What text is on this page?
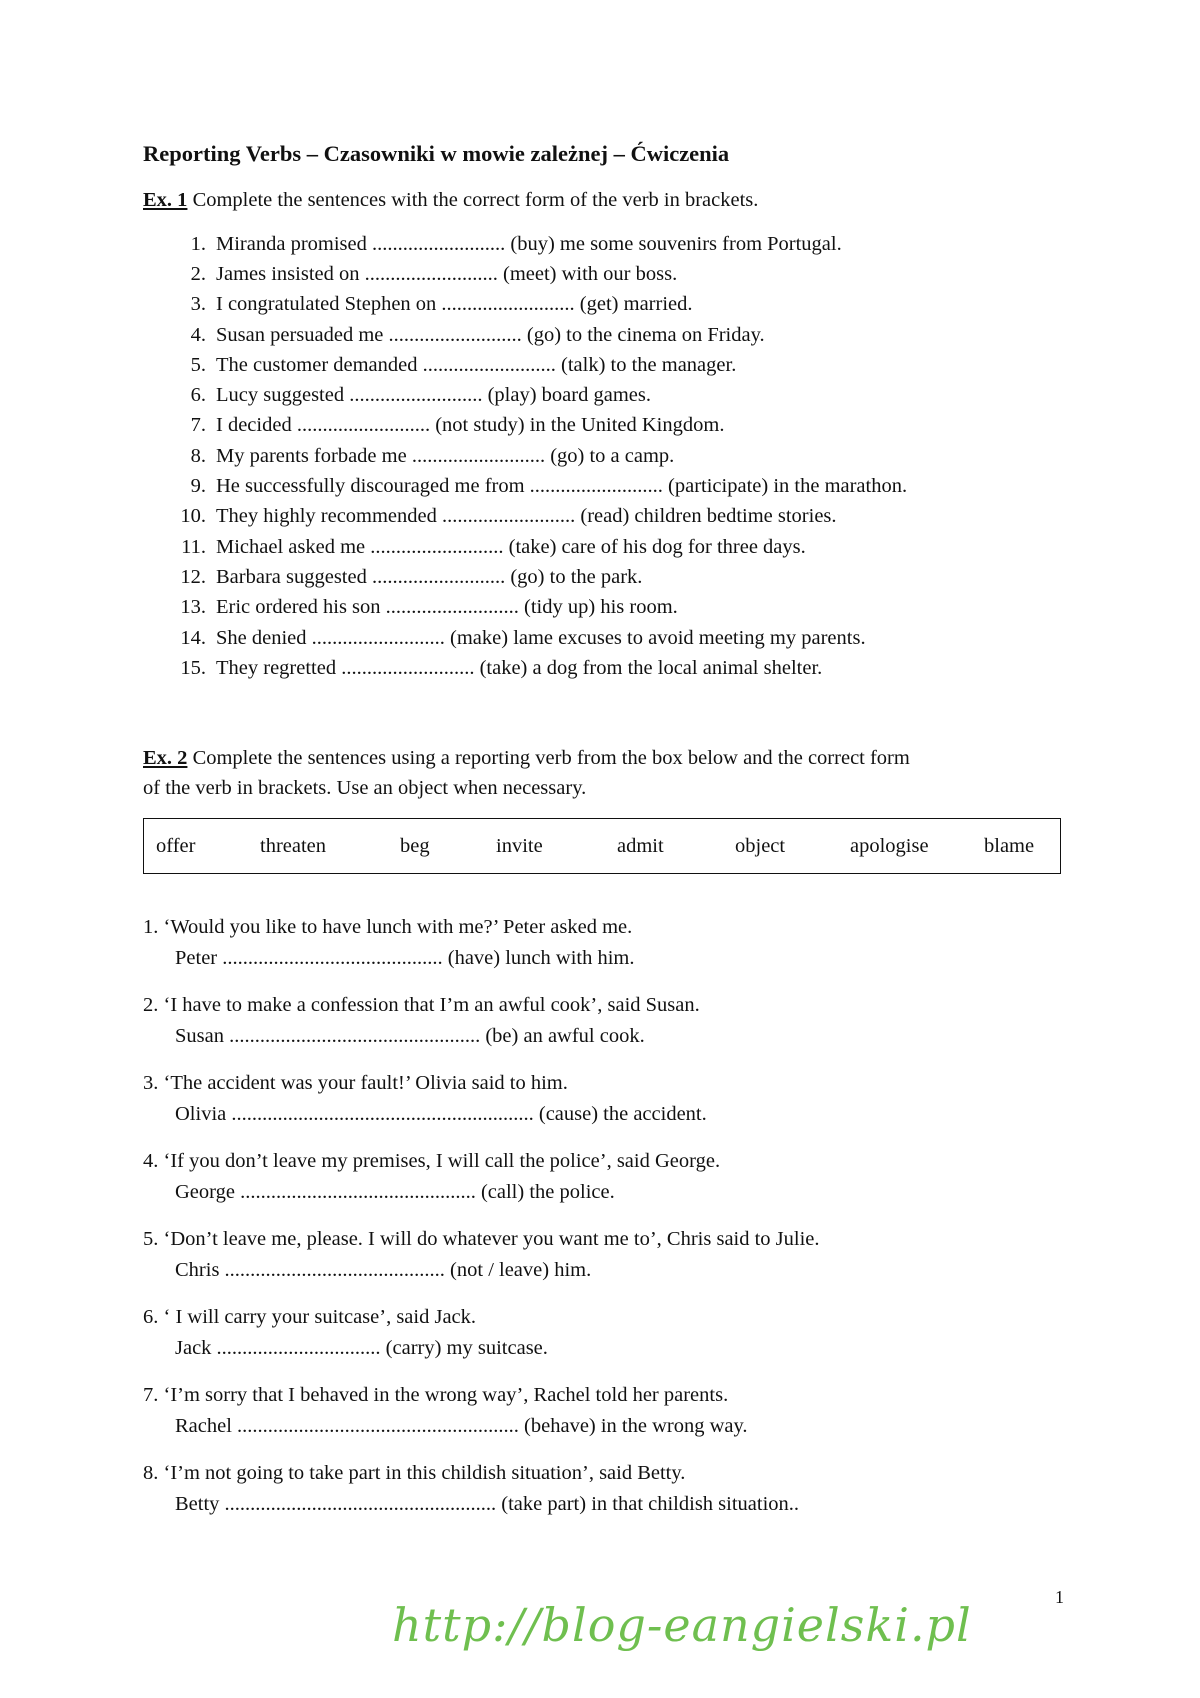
Reporting Verbs – Czasowniki w mowie zależnej – Ćwiczenia

Ex. 1 Complete the sentences with the correct form of the verb in brackets.

1. Miranda promised .......................... (buy) me some souvenirs from Portugal.
2. James insisted on .......................... (meet) with our boss.
3. I congratulated Stephen on .......................... (get) married.
4. Susan persuaded me .......................... (go) to the cinema on Friday.
5. The customer demanded .......................... (talk) to the manager.
6. Lucy suggested .......................... (play) board games.
7. I decided .......................... (not study) in the United Kingdom.
8. My parents forbade me .......................... (go) to a camp.
9. He successfully discouraged me from .......................... (participate) in the marathon.
10. They highly recommended .......................... (read) children bedtime stories.
11. Michael asked me .......................... (take) care of his dog for three days.
12. Barbara suggested .......................... (go) to the park.
13. Eric ordered his son .......................... (tidy up) his room.
14. She denied .......................... (make) lame excuses to avoid meeting my parents.
15. They regretted .......................... (take) a dog from the local animal shelter.

Ex. 2 Complete the sentences using a reporting verb from the box below and the correct form
of the verb in brackets. Use an object when necessary.

offer	threaten	beg	invite	admit	object	apologise	blame
1. ‘Would you like to have lunch with me?’ Peter asked me.
Peter ........................................... (have) lunch with him.
2. ‘I have to make a confession that I’m an awful cook’, said Susan.
Susan ................................................. (be) an awful cook.
3. ‘The accident was your fault!’ Olivia said to him.
Olivia ........................................................... (cause) the accident.
4. ‘If you don’t leave my premises, I will call the police’, said George.
George .............................................. (call) the police.
5. ‘Don’t leave me, please. I will do whatever you want me to’, Chris said to Julie.
Chris ........................................... (not / leave) him.
6. ‘ I will carry your suitcase’, said Jack.
Jack ................................ (carry) my suitcase.
7. ‘I’m sorry that I behaved in the wrong way’, Rachel told her parents.
Rachel ....................................................... (behave) in the wrong way.
8. ‘I’m not going to take part in this childish situation’, said Betty.
Betty ..................................................... (take part) in that childish situation..
1
http://blog-eangielski.pl
